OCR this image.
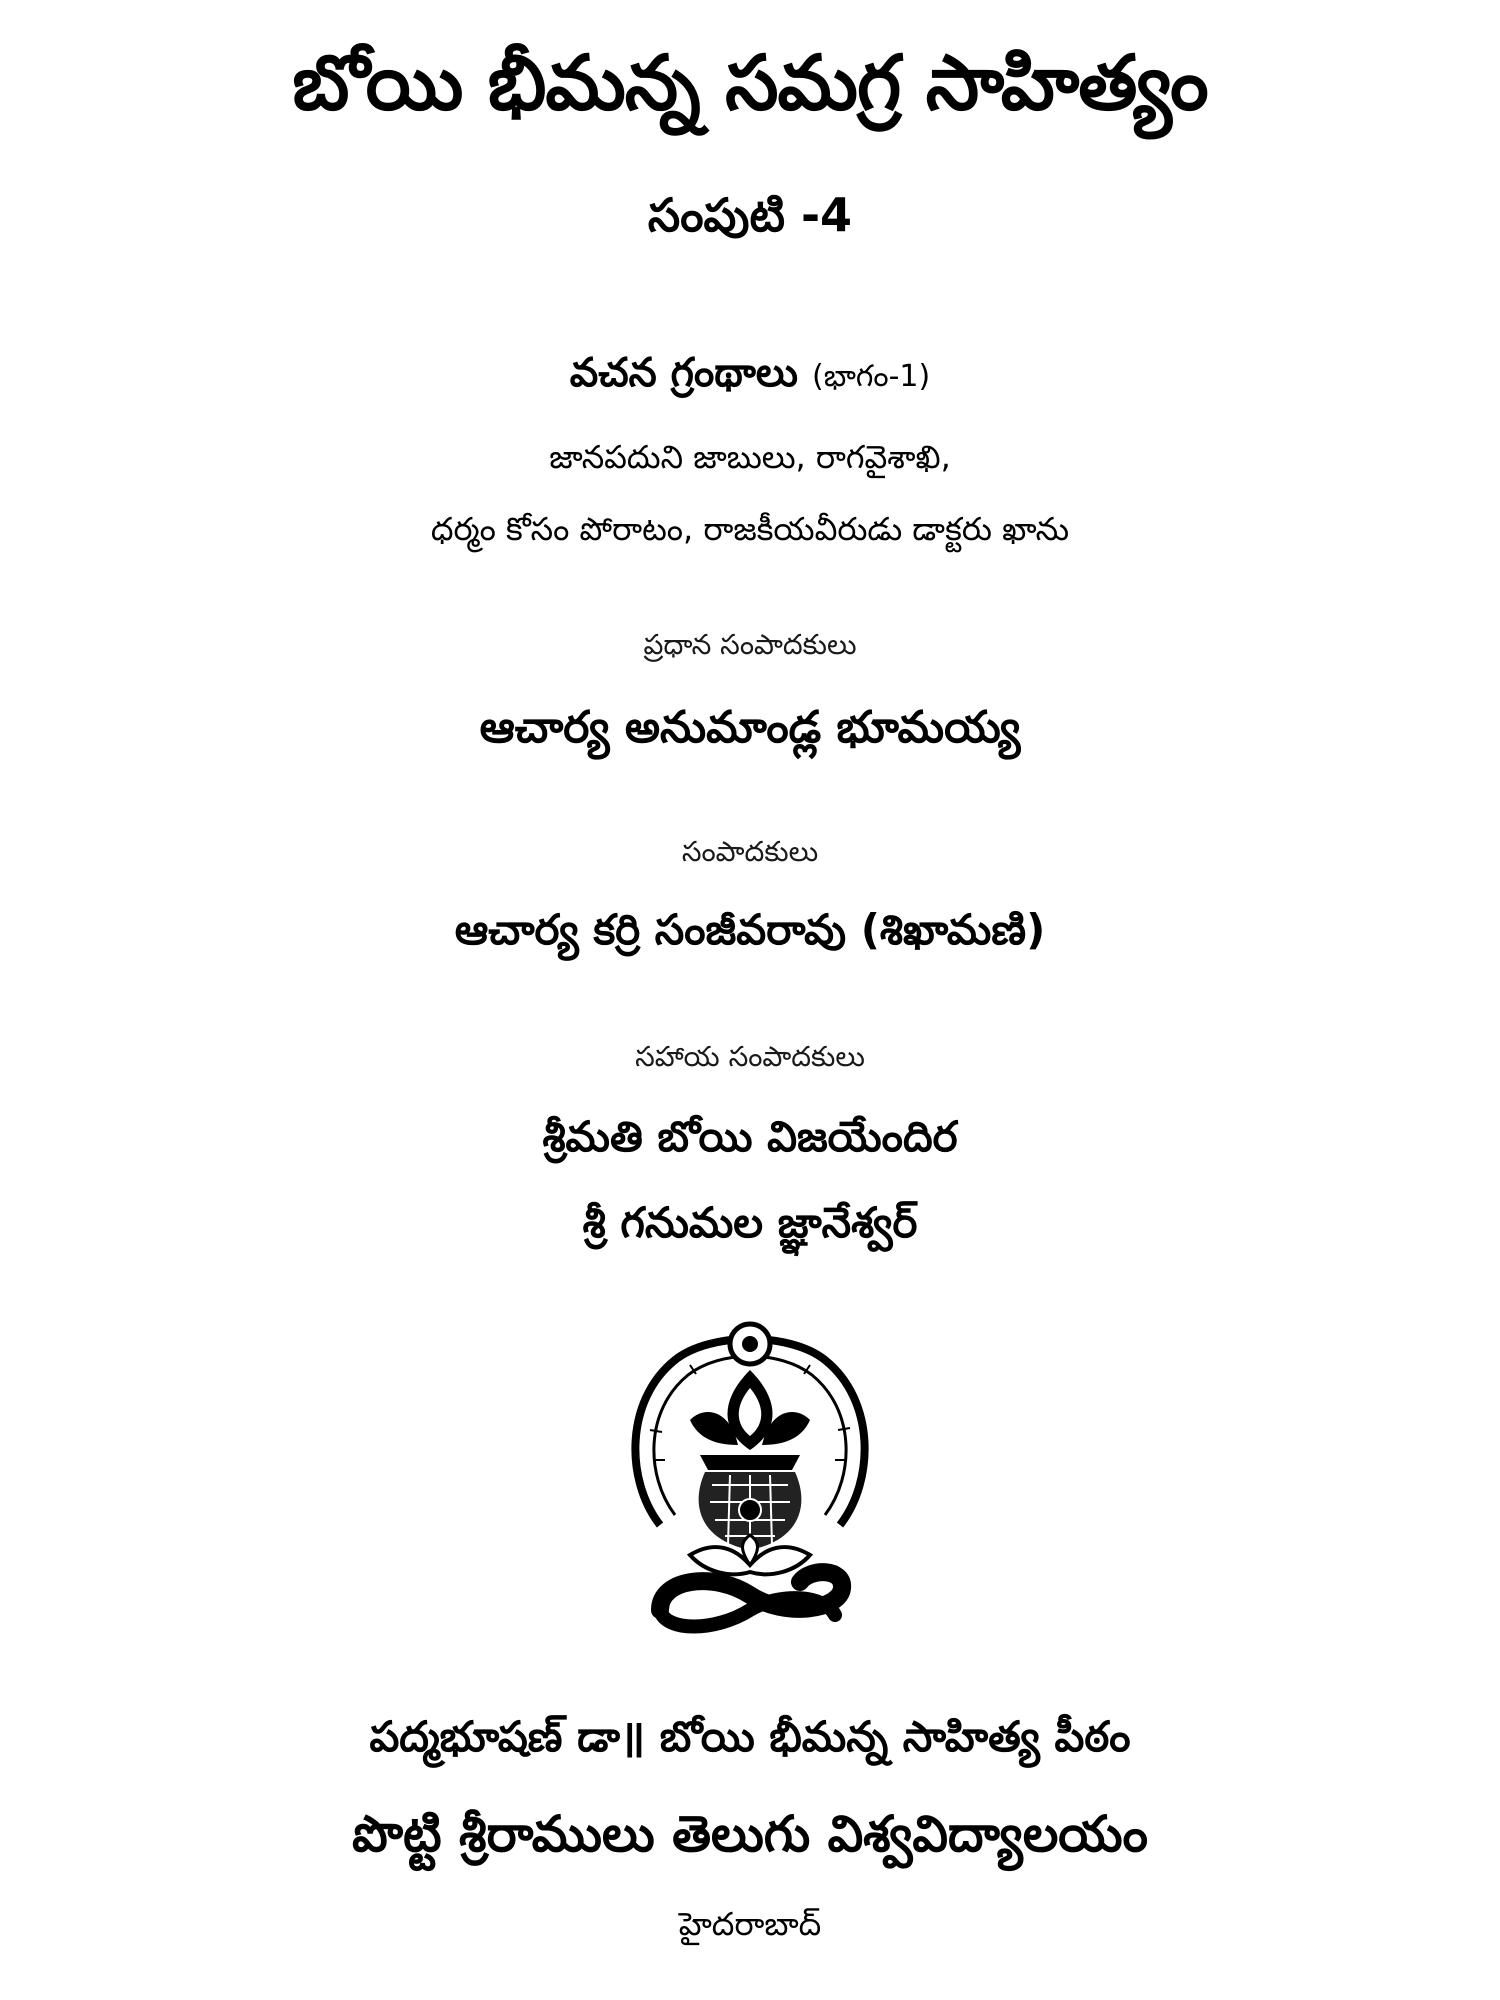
బోయి భీమన్న సమగ్ర సాహిత్యం
సంపుటి -4
వచన గ్రంథాలు (భాగం-1)
జానపదుని జాబులు, రాగవైశాఖి,
ధర్మం కోసం పోరాటం, రాజకీయవీరుడు డాక్టరు ఖాను
ప్రధాన సంపాదకులు
ఆచార్య అనుమాండ్ల భూమయ్య
సంపాదకులు
ఆచార్య కర్రి సంజీవరావు (శిఖామణి)
సహాయ సంపాదకులు
శ్రీమతి బోయి విజయేందిర
శ్రీ గనుమల జ్ఞానేశ్వర్
పద్మభూషణ్ డా॥ బోయి భీమన్న సాహిత్య పీఠం
పొట్టి శ్రీరాములు తెలుగు విశ్వవిద్యాలయం
హైదరాబాద్
